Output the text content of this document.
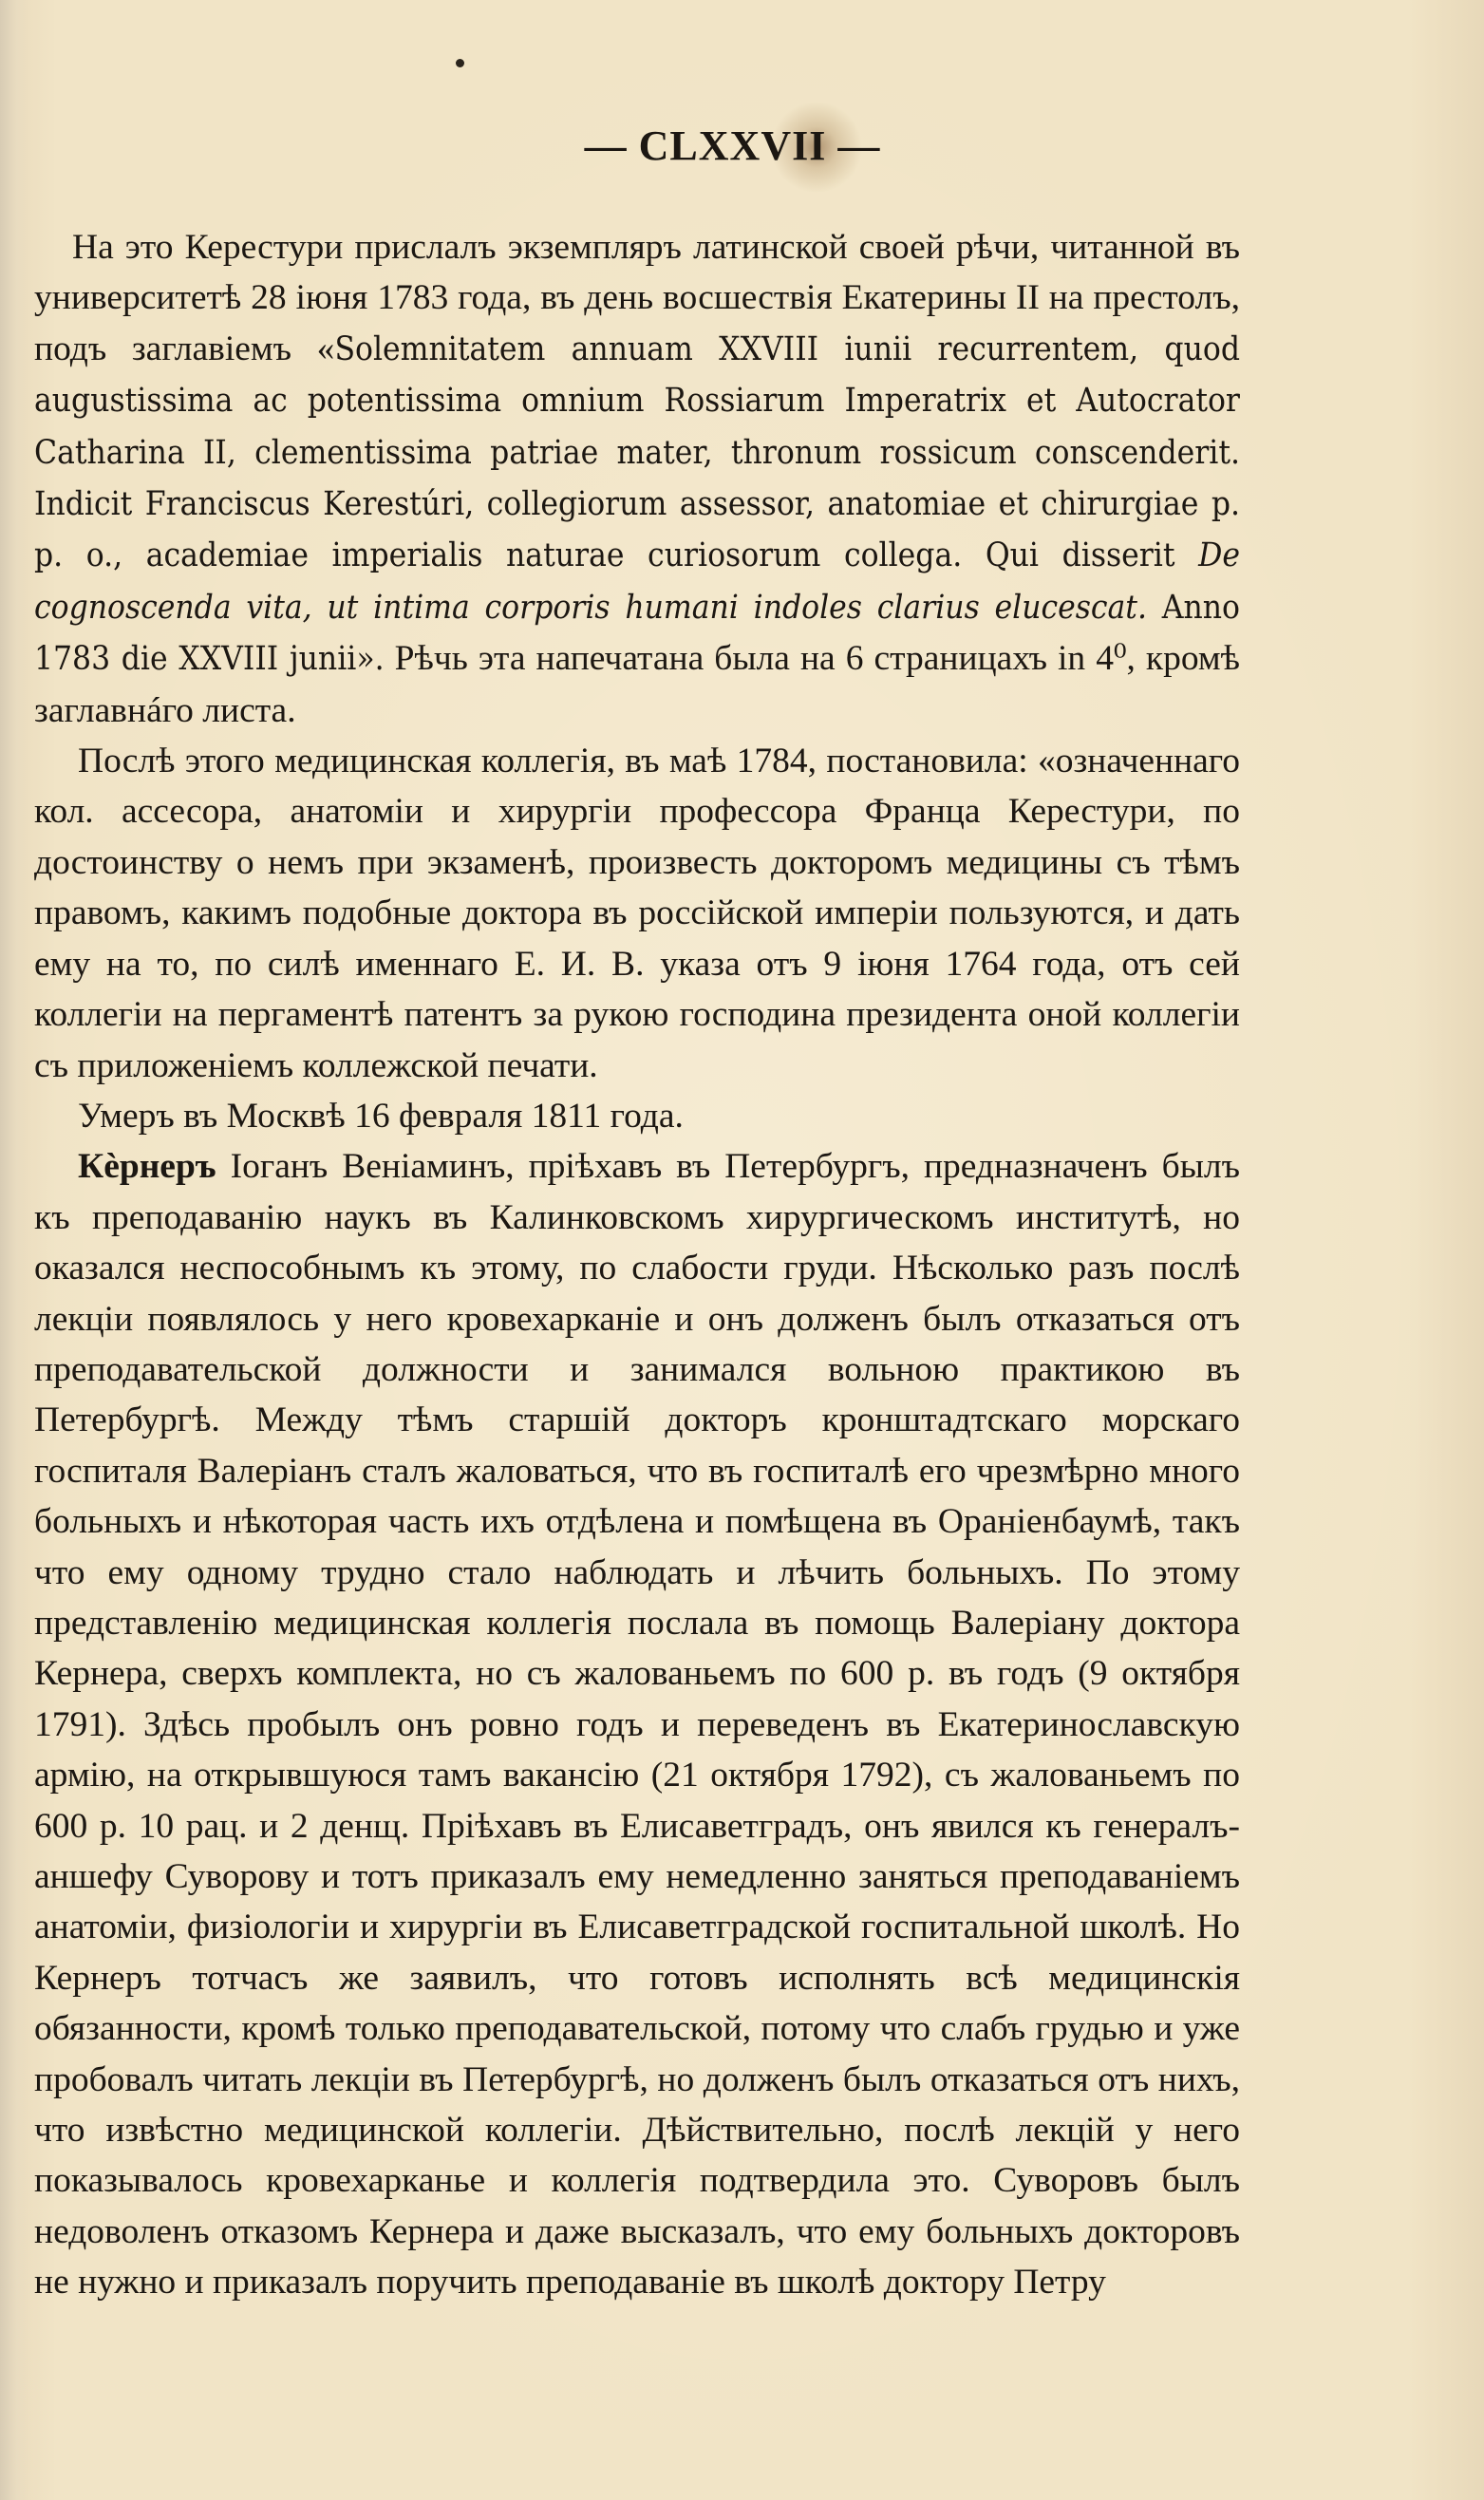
— CLXXVII —

На это Керестури прислалъ экземпляръ латинской своей рѣчи, читанной въ университетѣ 28 іюня 1783 года, въ день восшествія Екатерины II на престолъ, подъ заглавіемъ «Solemnitatem annuam XXVIII iunii recurrentem, quod augustissima ac potentissima omnium Rossiarum Imperatrix et Autocrator Catharina II, clementissima patriae mater, thronum rossicum conscenderit. Indicit Franciscus Kerestúri, collegiorum assessor, anatomiae et chirurgiae p. p. o., academiae imperialis naturae curiosorum collega. Qui disserit De cognoscenda vita, ut intima corporis humani indoles clarius elucescat. Anno 1783 die XXVIII junii». Рѣчь эта напечатана была на 6 страницахъ in 4⁰, кромѣ заглавнáго листа.

Послѣ этого медицинская коллегія, въ маѣ 1784, постановила: «означеннаго кол. ассесора, анатоміи и хирургіи профессора Франца Керестури, по достоинству о немъ при экзаменѣ, произвесть докторомъ медицины съ тѣмъ правомъ, какимъ подобные доктора въ россійской имперіи пользуются, и дать ему на то, по силѣ именнаго Е. И. В. указа отъ 9 іюня 1764 года, отъ сей коллегіи на пергаментѣ патентъ за рукою господина президента оной коллегіи съ приложеніемъ коллежской печати.

Умеръ въ Москвѣ 16 февраля 1811 года.

Кѐрнеръ Іоганъ Веніаминъ, пріѣхавъ въ Петербургъ, предназначенъ былъ къ преподаванію наукъ въ Калинковскомъ хирургическомъ институтѣ, но оказался неспособнымъ къ этому, по слабости груди. Нѣсколько разъ послѣ лекціи появлялось у него кровехарканіе и онъ долженъ былъ отказаться отъ преподавательской должности и занимался вольною практикою въ Петербургѣ. Между тѣмъ старшій докторъ кронштадтскаго морскаго госпиталя Валеріанъ сталъ жаловаться, что въ госпиталѣ его чрезмѣрно много больныхъ и нѣкоторая часть ихъ отдѣлена и помѣщена въ Ораніенбаумѣ, такъ что ему одному трудно стало наблюдать и лѣчить больныхъ. По этому представленію медицинская коллегія послала въ помощь Валеріану доктора Кернера, сверхъ комплекта, но съ жалованьемъ по 600 р. въ годъ (9 октября 1791). Здѣсь пробылъ онъ ровно годъ и переведенъ въ Екатеринославскую армію, на открывшуюся тамъ вакансію (21 октября 1792), съ жалованьемъ по 600 р. 10 рац. и 2 денщ. Пріѣхавъ въ Елисаветградъ, онъ явился къ генералъ-аншефу Суворову и тотъ приказалъ ему немедленно заняться преподаваніемъ анатоміи, физіологіи и хирургіи въ Елисаветградской госпитальной школѣ. Но Кернеръ тотчасъ же заявилъ, что готовъ исполнять всѣ медицинскія обязанности, кромѣ только преподавательской, потому что слабъ грудью и уже пробовалъ читать лекціи въ Петербургѣ, но долженъ былъ отказаться отъ нихъ, что извѣстно медицинской коллегіи. Дѣйствительно, послѣ лекцій у него показывалось кровехарканье и коллегія подтвердила это. Суворовъ былъ недоволенъ отказомъ Кернера и даже высказалъ, что ему больныхъ докторовъ не нужно и приказалъ поручить преподаваніе въ школѣ доктору Петру
